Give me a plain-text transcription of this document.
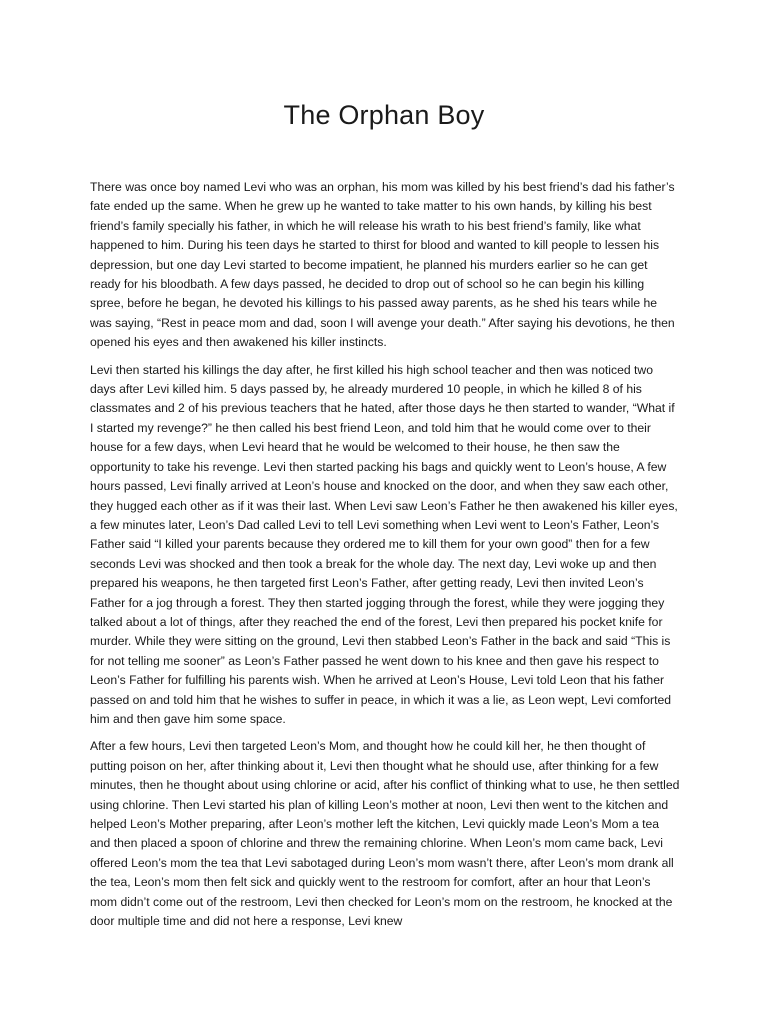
The Orphan Boy

There was once boy named Levi who was an orphan, his mom was killed by his best friend’s dad his father’s fate ended up the same. When he grew up he wanted to take matter to his own hands, by killing his best friend’s family specially his father, in which he will release his wrath to his best friend’s family, like what happened to him. During his teen days he started to thirst for blood and wanted to kill people to lessen his depression, but one day Levi started to become impatient, he planned his murders earlier so he can get ready for his bloodbath. A few days passed, he decided to drop out of school so he can begin his killing spree, before he began, he devoted his killings to his passed away parents, as he shed his tears while he was saying, “Rest in peace mom and dad, soon I will avenge your death.” After saying his devotions, he then opened his eyes and then awakened his killer instincts.

Levi then started his killings the day after, he first killed his high school teacher and then was noticed two days after Levi killed him. 5 days passed by, he already murdered 10 people, in which he killed 8 of his classmates and 2 of his previous teachers that he hated, after those days he then started to wander, “What if I started my revenge?” he then called his best friend Leon, and told him that he would come over to their house for a few days, when Levi heard that he would be welcomed to their house, he then saw the opportunity to take his revenge. Levi then started packing his bags and quickly went to Leon’s house, A few hours passed, Levi finally arrived at Leon’s house and knocked on the door, and when they saw each other, they hugged each other as if it was their last. When Levi saw Leon’s Father he then awakened his killer eyes, a few minutes later, Leon’s Dad called Levi to tell Levi something when Levi went to Leon’s Father, Leon’s Father said “I killed your parents because they ordered me to kill them for your own good” then for a few seconds Levi was shocked and then took a break for the whole day. The next day, Levi woke up and then prepared his weapons, he then targeted first Leon’s Father, after getting ready, Levi then invited Leon’s Father for a jog through a forest. They then started jogging through the forest, while they were jogging they talked about a lot of things, after they reached the end of the forest, Levi then prepared his pocket knife for murder. While they were sitting on the ground, Levi then stabbed Leon’s Father in the back and said “This is for not telling me sooner” as Leon’s Father passed he went down to his knee and then gave his respect to Leon’s Father for fulfilling his parents wish. When he arrived at Leon’s House, Levi told Leon that his father passed on and told him that he wishes to suffer in peace, in which it was a lie, as Leon wept, Levi comforted him and then gave him some space.

After a few hours, Levi then targeted Leon’s Mom, and thought how he could kill her, he then thought of putting poison on her, after thinking about it, Levi then thought what he should use, after thinking for a few minutes, then he thought about using chlorine or acid, after his conflict of thinking what to use, he then settled using chlorine. Then Levi started his plan of killing Leon’s mother at noon, Levi then went to the kitchen and helped Leon’s Mother preparing, after Leon’s mother left the kitchen, Levi quickly made Leon’s Mom a tea and then placed a spoon of chlorine and threw the remaining chlorine. When Leon’s mom came back, Levi offered Leon’s mom the tea that Levi sabotaged during Leon’s mom wasn’t there, after Leon’s mom drank all the tea, Leon’s mom then felt sick and quickly went to the restroom for comfort, after an hour that Leon’s mom didn’t come out of the restroom, Levi then checked for Leon’s mom on the restroom, he knocked at the door multiple time and did not here a response, Levi knew
